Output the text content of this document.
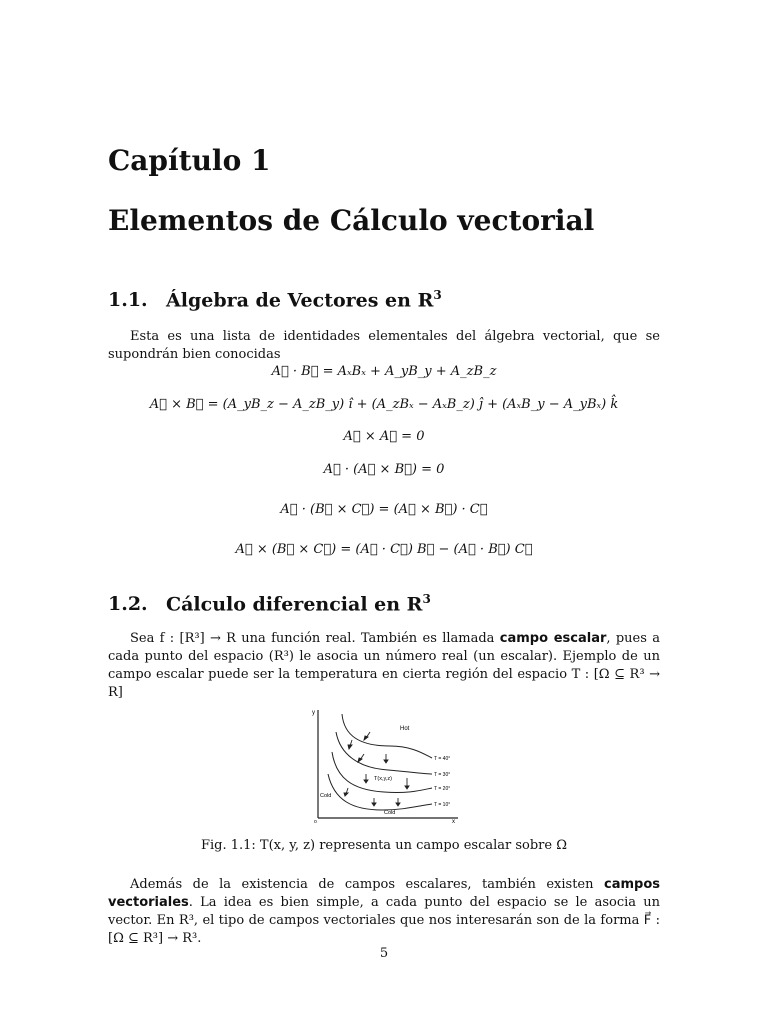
Capítulo 1
Elementos de Cálculo vectorial
1.1. Álgebra de Vectores en $R^3$
Esta es una lista de identidades elementales del álgebra vectorial, que se supondrán bien conocidas
A⃗ · B⃗ = AₓBₓ + A_yB_y + A_zB_z
A⃗ × B⃗ = (A_yB_z − A_zB_y) î + (A_zBₓ − AₓB_z) ĵ + (AₓB_y − A_yBₓ) k̂
A⃗ × A⃗ = 0
A⃗ · (A⃗ × B⃗) = 0
A⃗ · (B⃗ × C⃗) = (A⃗ × B⃗) · C⃗
A⃗ × (B⃗ × C⃗) = (A⃗ · C⃗) B⃗ − (A⃗ · B⃗) C⃗
1.2. Cálculo diferencial en $R^3$
Sea f : [R³] → R una función real. También es llamada campo escalar, pues a cada punto del espacio (R³) le asocia un número real (un escalar). Ejemplo de un campo escalar puede ser la temperatura en cierta región del espacio T : [Ω ⊆ R³ → R]
y
x
o
Hot
Cold
Cold
T(x,y,z)
T = 40°
T = 30°
T = 20°
T = 10°
Fig. 1.1: T(x, y, z) representa un campo escalar sobre Ω
Además de la existencia de campos escalares, también existen campos vectoriales. La idea es bien simple, a cada punto del espacio se le asocia un vector. En R³, el tipo de campos vectoriales que nos interesarán son de la forma F⃗ : [Ω ⊆ R³] → R³.
5
